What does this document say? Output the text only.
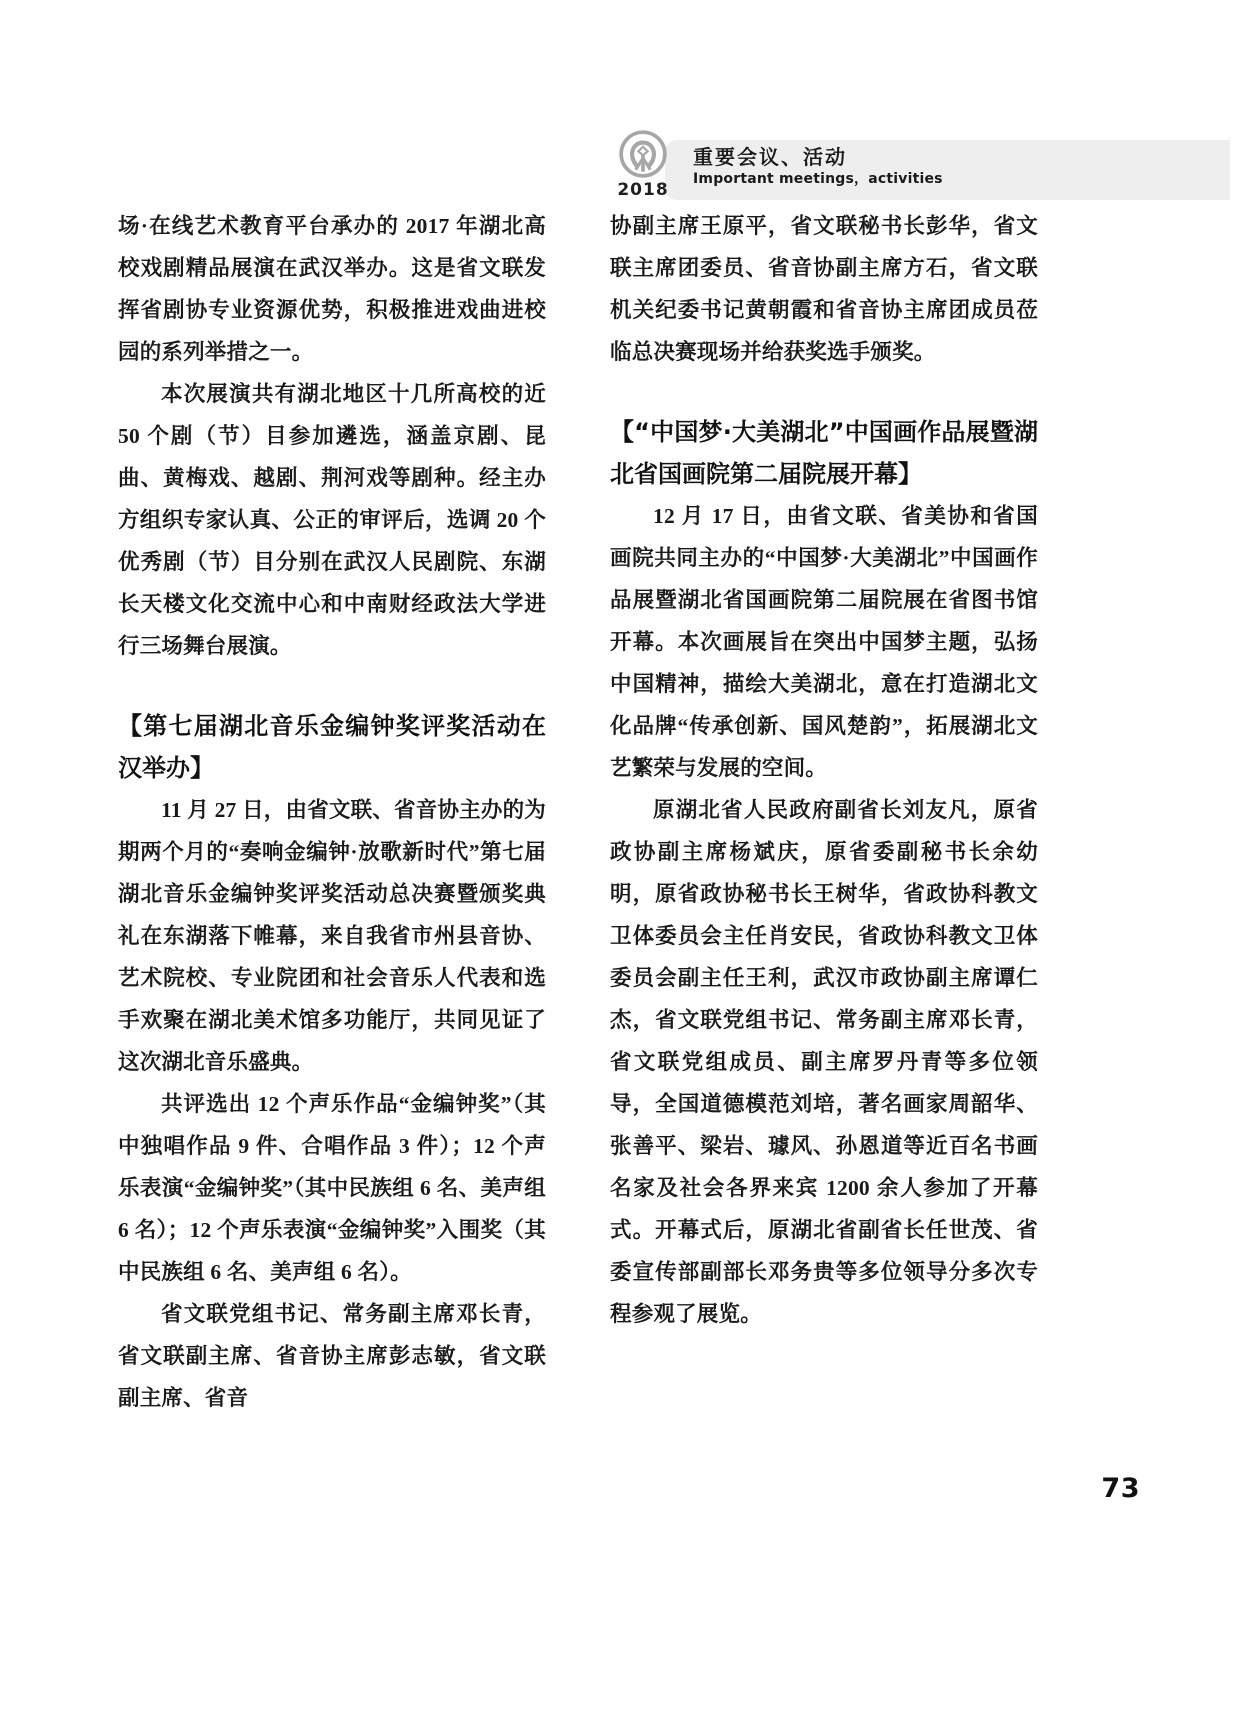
2018
重要会议、活动
Important meetings，activities

场·在线艺术教育平台承办的 2017 年湖北高校戏剧精品展演在武汉举办。这是省文联发挥省剧协专业资源优势，积极推进戏曲进校园的系列举措之一。

本次展演共有湖北地区十几所高校的近 50 个剧（节）目参加遴选，涵盖京剧、昆曲、黄梅戏、越剧、荆河戏等剧种。经主办方组织专家认真、公正的审评后，选调 20 个优秀剧（节）目分别在武汉人民剧院、东湖长天楼文化交流中心和中南财经政法大学进行三场舞台展演。

【第七届湖北音乐金编钟奖评奖活动在汉举办】

11 月 27 日，由省文联、省音协主办的为期两个月的“奏响金编钟·放歌新时代”第七届湖北音乐金编钟奖评奖活动总决赛暨颁奖典礼在东湖落下帷幕，来自我省市州县音协、艺术院校、专业院团和社会音乐人代表和选手欢聚在湖北美术馆多功能厅，共同见证了这次湖北音乐盛典。

共评选出 12 个声乐作品“金编钟奖”（其中独唱作品 9 件、合唱作品 3 件）；12 个声乐表演“金编钟奖”（其中民族组 6 名、美声组 6 名）；12 个声乐表演“金编钟奖”入围奖（其中民族组 6 名、美声组 6 名）。

省文联党组书记、常务副主席邓长青，省文联副主席、省音协主席彭志敏，省文联副主席、省音

协副主席王原平，省文联秘书长彭华，省文联主席团委员、省音协副主席方石，省文联机关纪委书记黄朝霞和省音协主席团成员莅临总决赛现场并给获奖选手颁奖。

【“中国梦·大美湖北”中国画作品展暨湖北省国画院第二届院展开幕】

12 月 17 日，由省文联、省美协和省国画院共同主办的“中国梦·大美湖北”中国画作品展暨湖北省国画院第二届院展在省图书馆开幕。本次画展旨在突出中国梦主题，弘扬中国精神，描绘大美湖北，意在打造湖北文化品牌“传承创新、国风楚韵”，拓展湖北文艺繁荣与发展的空间。

原湖北省人民政府副省长刘友凡，原省政协副主席杨斌庆，原省委副秘书长余幼明，原省政协秘书长王树华，省政协科教文卫体委员会主任肖安民，省政协科教文卫体委员会副主任王利，武汉市政协副主席谭仁杰，省文联党组书记、常务副主席邓长青，省文联党组成员、副主席罗丹青等多位领导，全国道德模范刘培，著名画家周韶华、张善平、梁岩、璩风、孙恩道等近百名书画名家及社会各界来宾 1200 余人参加了开幕式。开幕式后，原湖北省副省长任世茂、省委宣传部副部长邓务贵等多位领导分多次专程参观了展览。

73
